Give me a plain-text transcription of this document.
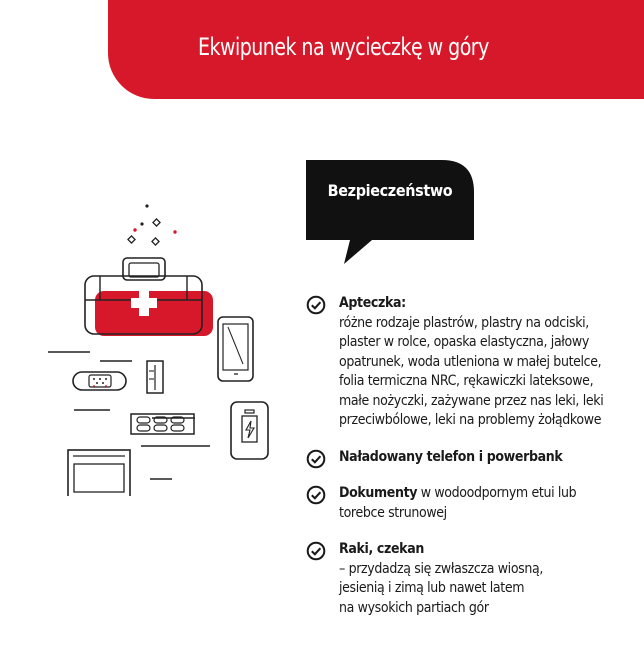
Ekwipunek na wycieczkę w góry
Bezpieczeństwo
Apteczka:
różne rodzaje plastrów, plastry na odciski,
plaster w rolce, opaska elastyczna, jałowy
opatrunek, woda utleniona w małej butelce,
folia termiczna NRC, rękawiczki lateksowe,
małe nożyczki, zażywane przez nas leki, leki
przeciwbólowe, leki na problemy żołądkowe
Naładowany telefon i powerbank
Dokumenty w wodoodpornym etui lub
torebce strunowej
Raki, czekan
– przydadzą się zwłaszcza wiosną,
jesienią i zimą lub nawet latem
na wysokich partiach gór
